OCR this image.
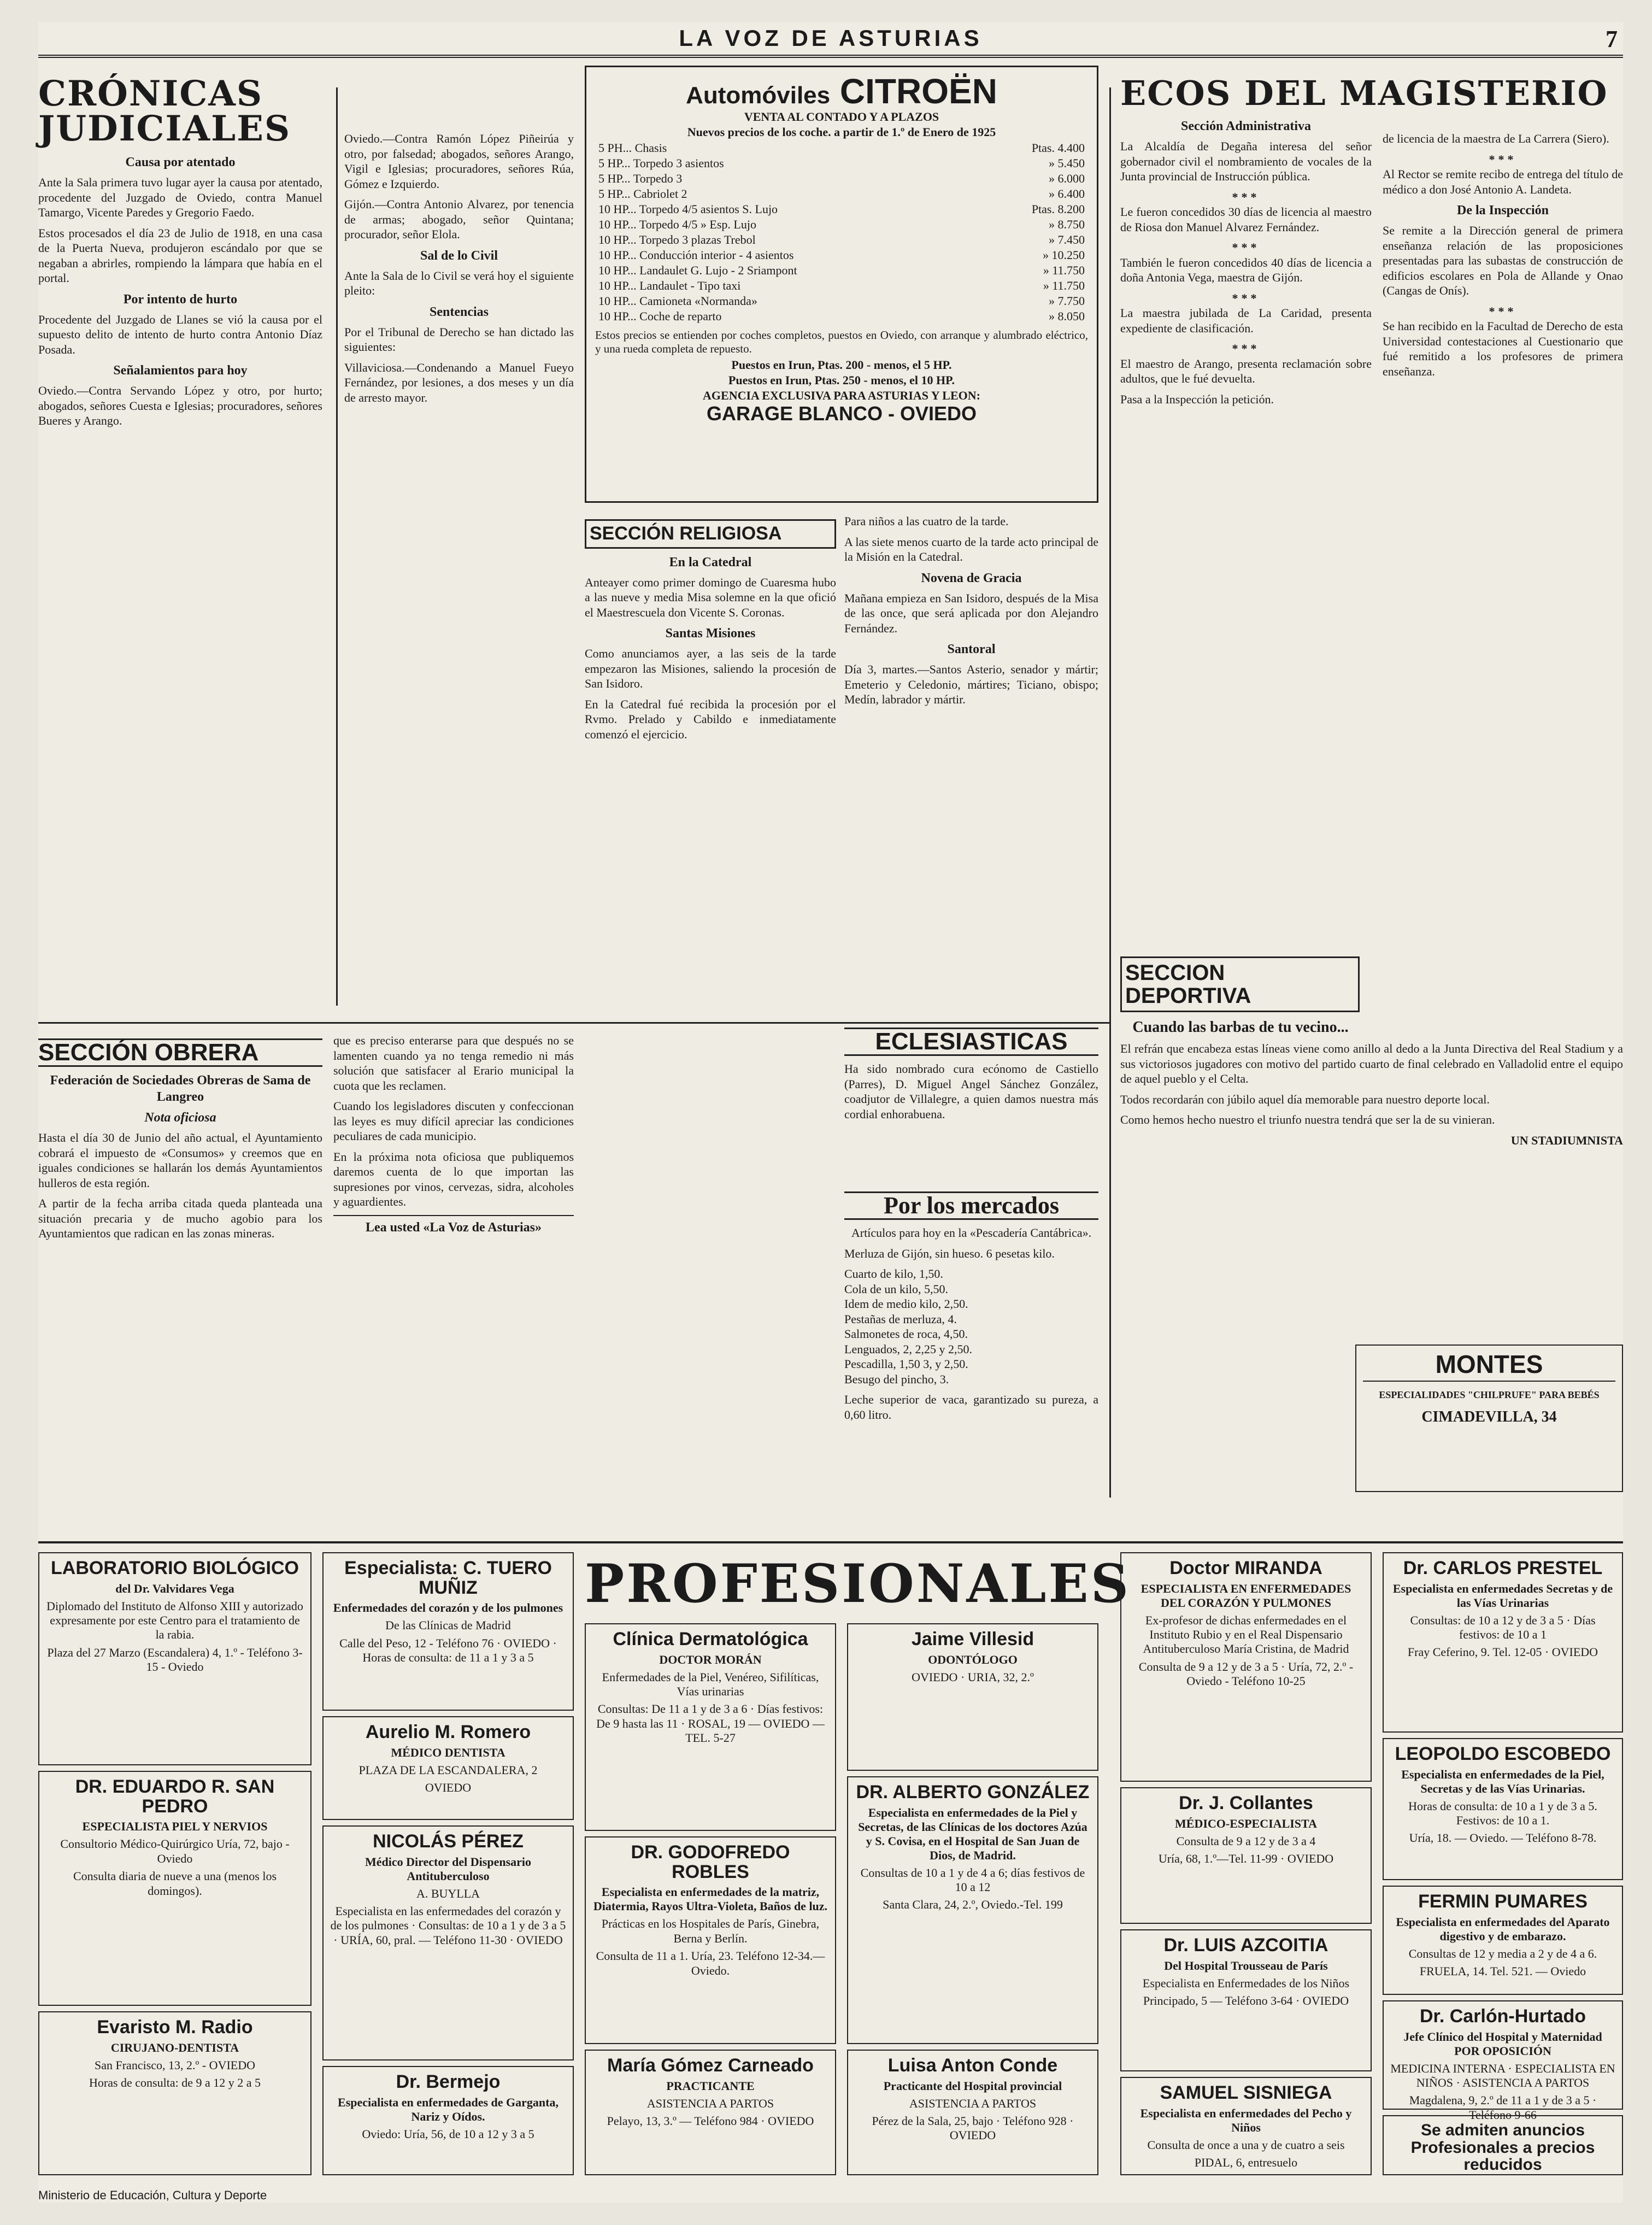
LA VOZ DE ASTURIAS	7
CRÓNICAS JUDICIALES
Causa por atentado

Ante la Sala primera tuvo lugar ayer la causa por atentado, procedente del Juzgado de Oviedo, contra Manuel Tamargo, Vicente Paredes y Gregorio Faedo.

Estos procesados el día 23 de Julio de 1918, en una casa de la Puerta Nueva, produjeron escándalo por que se negaban a abrirles, rompiendo la lámpara que había en el portal.

Por intento de hurto

Procedente del Juzgado de Llanes se vió la causa por el supuesto delito de intento de hurto contra Antonio Díaz Posada.

Señalamientos para hoy

Oviedo.—Contra Servando López y otro, por hurto; abogados, señores Cuesta e Iglesias; procuradores, señores Bueres y Arango.

Oviedo.—Contra Ramón López Piñeirúa y otro, por falsedad; abogados, señores Arango, Vigil e Iglesias; procuradores, señores Rúa, Gómez e Izquierdo.

Gijón.—Contra Antonio Alvarez, por tenencia de armas; abogado, señor Quintana; procurador, señor Elola.

Sal de lo Civil

Ante la Sala de lo Civil se verá hoy el siguiente pleito:

Sentencias

Por el Tribunal de Derecho se han dictado las siguientes:

Villaviciosa.—Condenando a Manuel Fueyo Fernández, por lesiones, a dos meses y un día de arresto mayor.

Automóviles CITROËN
VENTA AL CONTADO Y A PLAZOS
Nuevos precios de los coche. a partir de 1.º de Enero de 1925
5 PH... Chasis	Ptas. 4.400
5 HP... Torpedo 3 asientos	» 5.450
5 HP... Torpedo 3	» 6.000
5 HP... Cabriolet 2	» 6.400
10 HP... Torpedo 4/5 asientos S. Lujo	Ptas. 8.200
10 HP... Torpedo 4/5 » Esp. Lujo	» 8.750
10 HP... Torpedo 3 plazas Trebol	» 7.450
10 HP... Conducción interior - 4 asientos	» 10.250
10 HP... Landaulet G. Lujo - 2 Sriampont	» 11.750
10 HP... Landaulet - Tipo taxi	» 11.750
10 HP... Camioneta «Normanda»	» 7.750
10 HP... Coche de reparto	» 8.050

Estos precios se entienden por coches completos, puestos en Oviedo, con arranque y alumbrado eléctrico, y una rueda completa de repuesto.

Puestos en Irun, Ptas. 200 - menos, el 5 HP.
Puestos en Irun, Ptas. 250 - menos, el 10 HP.
AGENCIA EXCLUSIVA PARA ASTURIAS Y LEON:
GARAGE BLANCO - OVIEDO
SECCIÓN RELIGIOSA
En la Catedral

Anteayer como primer domingo de Cuaresma hubo a las nueve y media Misa solemne en la que ofició el Maestrescuela don Vicente S. Coronas.

Santas Misiones

Como anunciamos ayer, a las seis de la tarde empezaron las Misiones, saliendo la procesión de San Isidoro.

En la Catedral fué recibida la procesión por el Rvmo. Prelado y Cabildo e inmediatamente comenzó el ejercicio.

Para niños a las cuatro de la tarde.

A las siete menos cuarto de la tarde acto principal de la Misión en la Catedral.

Novena de Gracia

Mañana empieza en San Isidoro, después de la Misa de las once, que será aplicada por don Alejandro Fernández.

Santoral

Día 3, martes.—Santos Asterio, senador y mártir; Emeterio y Celedonio, mártires; Ticiano, obispo; Medín, labrador y mártir.

ECLESIASTICAS

Ha sido nombrado cura ecónomo de Castiello (Parres), D. Miguel Angel Sánchez González, coadjutor de Villalegre, a quien damos nuestra más cordial enhorabuena.

Por los mercados

Artículos para hoy en la «Pescadería Cantábrica».

Merluza de Gijón, sin hueso. 6 pesetas kilo.

Cuarto de kilo, 1,50.
Cola de un kilo, 5,50.
Idem de medio kilo, 2,50.
Pestañas de merluza, 4.
Salmonetes de roca, 4,50.
Lenguados, 2, 2,25 y 2,50.
Pescadilla, 1,50 3, y 2,50.
Besugo del pincho, 3.

Leche superior de vaca, garantizado su pureza, a 0,60 litro.

ECOS DEL MAGISTERIO
Sección Administrativa

La Alcaldía de Degaña interesa del señor gobernador civil el nombramiento de vocales de la Junta provincial de Instrucción pública.

***

Le fueron concedidos 30 días de licencia al maestro de Riosa don Manuel Alvarez Fernández.

***

También le fueron concedidos 40 días de licencia a doña Antonia Vega, maestra de Gijón.

***

La maestra jubilada de La Caridad, presenta expediente de clasificación.

***

El maestro de Arango, presenta reclamación sobre adultos, que le fué devuelta.

Pasa a la Inspección la petición.

de licencia de la maestra de La Carrera (Siero).

***

Al Rector se remite recibo de entrega del título de médico a don José Antonio A. Landeta.

De la Inspección

Se remite a la Dirección general de primera enseñanza relación de las proposiciones presentadas para las subastas de construcción de edificios escolares en Pola de Allande y Onao (Cangas de Onís).

***

Se han recibido en la Facultad de Derecho de esta Universidad contestaciones al Cuestionario que fué remitido a los profesores de primera enseñanza.

SECCION DEPORTIVA
Cuando las barbas de tu vecino...

El refrán que encabeza estas líneas viene como anillo al dedo a la Junta Directiva del Real Stadium y a sus victoriosos jugadores con motivo del partido cuarto de final celebrado en Valladolid entre el equipo de aquel pueblo y el Celta.

Todos recordarán con júbilo aquel día memorable para nuestro deporte local.

Como hemos hecho nuestro el triunfo nuestra tendrá que ser la de su vinieran.

UN STADIUMNISTA
MONTES
ESPECIALIDADES "CHILPRUFE" PARA BEBÉS
CIMADEVILLA, 34
SECCIÓN OBRERA
Federación de Sociedades Obreras de Sama de Langreo
Nota oficiosa

Hasta el día 30 de Junio del año actual, el Ayuntamiento cobrará el impuesto de «Consumos» y creemos que en iguales condiciones se hallarán los demás Ayuntamientos hulleros de esta región.

A partir de la fecha arriba citada queda planteada una situación precaria y de mucho agobio para los Ayuntamientos que radican en las zonas mineras.

que es preciso enterarse para que después no se lamenten cuando ya no tenga remedio ni más solución que satisfacer al Erario municipal la cuota que les reclamen.

Cuando los legisladores discuten y confeccionan las leyes es muy difícil apreciar las condiciones peculiares de cada municipio.

En la próxima nota oficiosa que publiquemos daremos cuenta de lo que importan las supresiones por vinos, cervezas, sidra, alcoholes y aguardientes.

Lea usted «La Voz de Asturias»
PROFESIONALES
LABORATORIO BIOLÓGICO
del Dr. Valvidares Vega
Diplomado del Instituto de Alfonso XIII y autorizado expresamente por este Centro para el tratamiento de la rabia.
Plaza del 27 Marzo (Escandalera) 4, 1.º - Teléfono 3-15 - Oviedo
DR. EDUARDO R. SAN PEDRO
ESPECIALISTA PIEL Y NERVIOS
Consultorio Médico-Quirúrgico Uría, 72, bajo - Oviedo
Consulta diaria de nueve a una (menos los domingos).
Evaristo M. Radio
CIRUJANO-DENTISTA
San Francisco, 13, 2.º - OVIEDO
Horas de consulta: de 9 a 12 y 2 a 5
Especialista: C. TUERO MUÑIZ
Enfermedades del corazón y de los pulmones
De las Clínicas de Madrid
Calle del Peso, 12 - Teléfono 76 · OVIEDO · Horas de consulta: de 11 a 1 y 3 a 5
Aurelio M. Romero
MÉDICO DENTISTA
PLAZA DE LA ESCANDALERA, 2
OVIEDO
NICOLÁS PÉREZ
Médico Director del Dispensario Antituberculoso
A. BUYLLA
Especialista en las enfermedades del corazón y de los pulmones · Consultas: de 10 a 1 y de 3 a 5 · URÍA, 60, pral. — Teléfono 11-30 · OVIEDO
Dr. Bermejo
Especialista en enfermedades de Garganta, Nariz y Oídos.
Oviedo: Uría, 56, de 10 a 12 y 3 a 5
Clínica Dermatológica
DOCTOR MORÁN
Enfermedades de la Piel, Venéreo, Sifilíticas, Vías urinarias
Consultas: De 11 a 1 y de 3 a 6 · Días festivos: De 9 hasta las 11 · ROSAL, 19 — OVIEDO — TEL. 5-27
DR. GODOFREDO ROBLES
Especialista en enfermedades de la matriz, Diatermia, Rayos Ultra-Violeta, Baños de luz.
Prácticas en los Hospitales de París, Ginebra, Berna y Berlín.
Consulta de 11 a 1. Uría, 23. Teléfono 12-34.—Oviedo.
María Gómez Carneado
PRACTICANTE
ASISTENCIA A PARTOS
Pelayo, 13, 3.º — Teléfono 984 · OVIEDO
Jaime Villesid
ODONTÓLOGO
OVIEDO · URIA, 32, 2.º
DR. ALBERTO GONZÁLEZ
Especialista en enfermedades de la Piel y Secretas, de las Clínicas de los doctores Azúa y S. Covisa, en el Hospital de San Juan de Dios, de Madrid.
Consultas de 10 a 1 y de 4 a 6; días festivos de 10 a 12
Santa Clara, 24, 2.º, Oviedo.-Tel. 199
Luisa Anton Conde
Practicante del Hospital provincial
ASISTENCIA A PARTOS
Pérez de la Sala, 25, bajo · Teléfono 928 · OVIEDO
Doctor MIRANDA
ESPECIALISTA EN ENFERMEDADES DEL CORAZÓN Y PULMONES
Ex-profesor de dichas enfermedades en el Instituto Rubio y en el Real Dispensario Antituberculoso María Cristina, de Madrid
Consulta de 9 a 12 y de 3 a 5 · Uría, 72, 2.º - Oviedo - Teléfono 10-25
Dr. J. Collantes
MÉDICO-ESPECIALISTA
Consulta de 9 a 12 y de 3 a 4
Uría, 68, 1.º—Tel. 11-99 · OVIEDO
Dr. LUIS AZCOITIA
Del Hospital Trousseau de París
Especialista en Enfermedades de los Niños
Principado, 5 — Teléfono 3-64 · OVIEDO
SAMUEL SISNIEGA
Especialista en enfermedades del Pecho y Niños
Consulta de once a una y de cuatro a seis
PIDAL, 6, entresuelo
Dr. CARLOS PRESTEL
Especialista en enfermedades Secretas y de las Vías Urinarias
Consultas: de 10 a 12 y de 3 a 5 · Días festivos: de 10 a 1
Fray Ceferino, 9. Tel. 12-05 · OVIEDO
LEOPOLDO ESCOBEDO
Especialista en enfermedades de la Piel, Secretas y de las Vías Urinarias.
Horas de consulta: de 10 a 1 y de 3 a 5. Festivos: de 10 a 1.
Uría, 18. — Oviedo. — Teléfono 8-78.
FERMIN PUMARES
Especialista en enfermedades del Aparato digestivo y de embarazo.
Consultas de 12 y media a 2 y de 4 a 6.
FRUELA, 14. Tel. 521. — Oviedo
Dr. Carlón-Hurtado
Jefe Clínico del Hospital y Maternidad POR OPOSICIÓN
MEDICINA INTERNA · ESPECIALISTA EN NIÑOS · ASISTENCIA A PARTOS
Magdalena, 9, 2.º de 11 a 1 y de 3 a 5 · Teléfono 9-66
Se admiten anuncios Profesionales a precios reducidos
Ministerio de Educación, Cultura y Deporte
